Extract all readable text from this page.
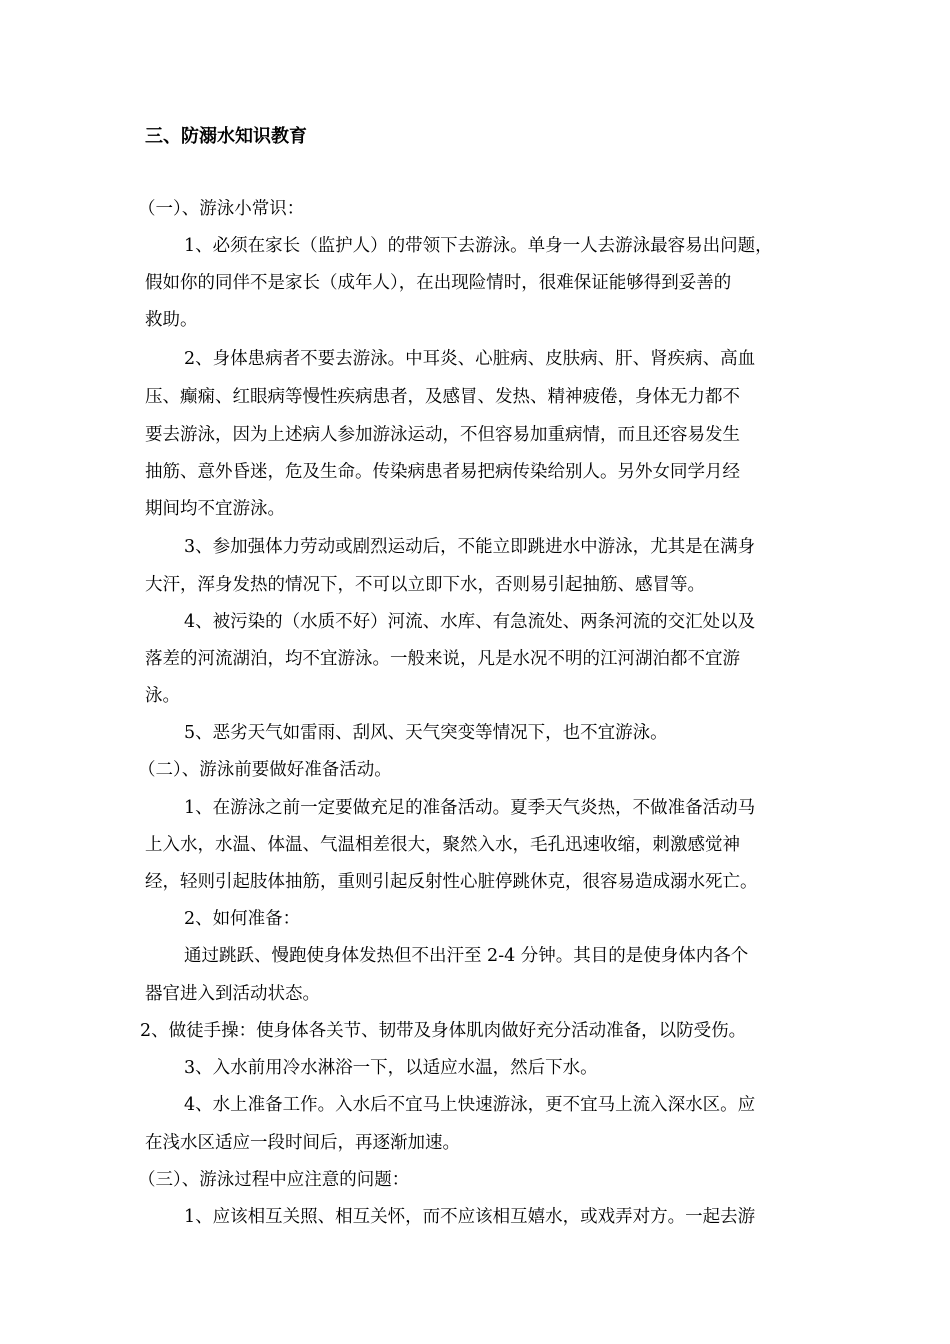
三、防溺水知识教育
（一）、游泳小常识：
1、必须在家长（监护人）的带领下去游泳。单身一人去游泳最容易出问题，
假如你的同伴不是家长（成年人），在出现险情时，很难保证能够得到妥善的
救助。
2、身体患病者不要去游泳。中耳炎、心脏病、皮肤病、肝、肾疾病、高血
压、癫痫、红眼病等慢性疾病患者，及感冒、发热、精神疲倦，身体无力都不
要去游泳，因为上述病人参加游泳运动，不但容易加重病情，而且还容易发生
抽筋、意外昏迷，危及生命。传染病患者易把病传染给别人。另外女同学月经
期间均不宜游泳。
3、参加强体力劳动或剧烈运动后，不能立即跳进水中游泳，尤其是在满身
大汗，浑身发热的情况下，不可以立即下水，否则易引起抽筋、感冒等。
4、被污染的（水质不好）河流、水库、有急流处、两条河流的交汇处以及
落差的河流湖泊，均不宜游泳。一般来说，凡是水况不明的江河湖泊都不宜游
泳。
5、恶劣天气如雷雨、刮风、天气突变等情况下，也不宜游泳。
（二）、游泳前要做好准备活动。
1、在游泳之前一定要做充足的准备活动。夏季天气炎热，不做准备活动马
上入水，水温、体温、气温相差很大，聚然入水，毛孔迅速收缩，刺激感觉神
经，轻则引起肢体抽筋，重则引起反射性心脏停跳休克，很容易造成溺水死亡。
2、如何准备：
通过跳跃、慢跑使身体发热但不出汗至 2-4 分钟。其目的是使身体内各个
器官进入到活动状态。
2、做徒手操：使身体各关节、韧带及身体肌肉做好充分活动准备，以防受伤。
3、入水前用冷水淋浴一下，以适应水温，然后下水。
4、水上准备工作。入水后不宜马上快速游泳，更不宜马上流入深水区。应
在浅水区适应一段时间后，再逐渐加速。
（三）、游泳过程中应注意的问题：
1、应该相互关照、相互关怀，而不应该相互嬉水，或戏弄对方。一起去游
